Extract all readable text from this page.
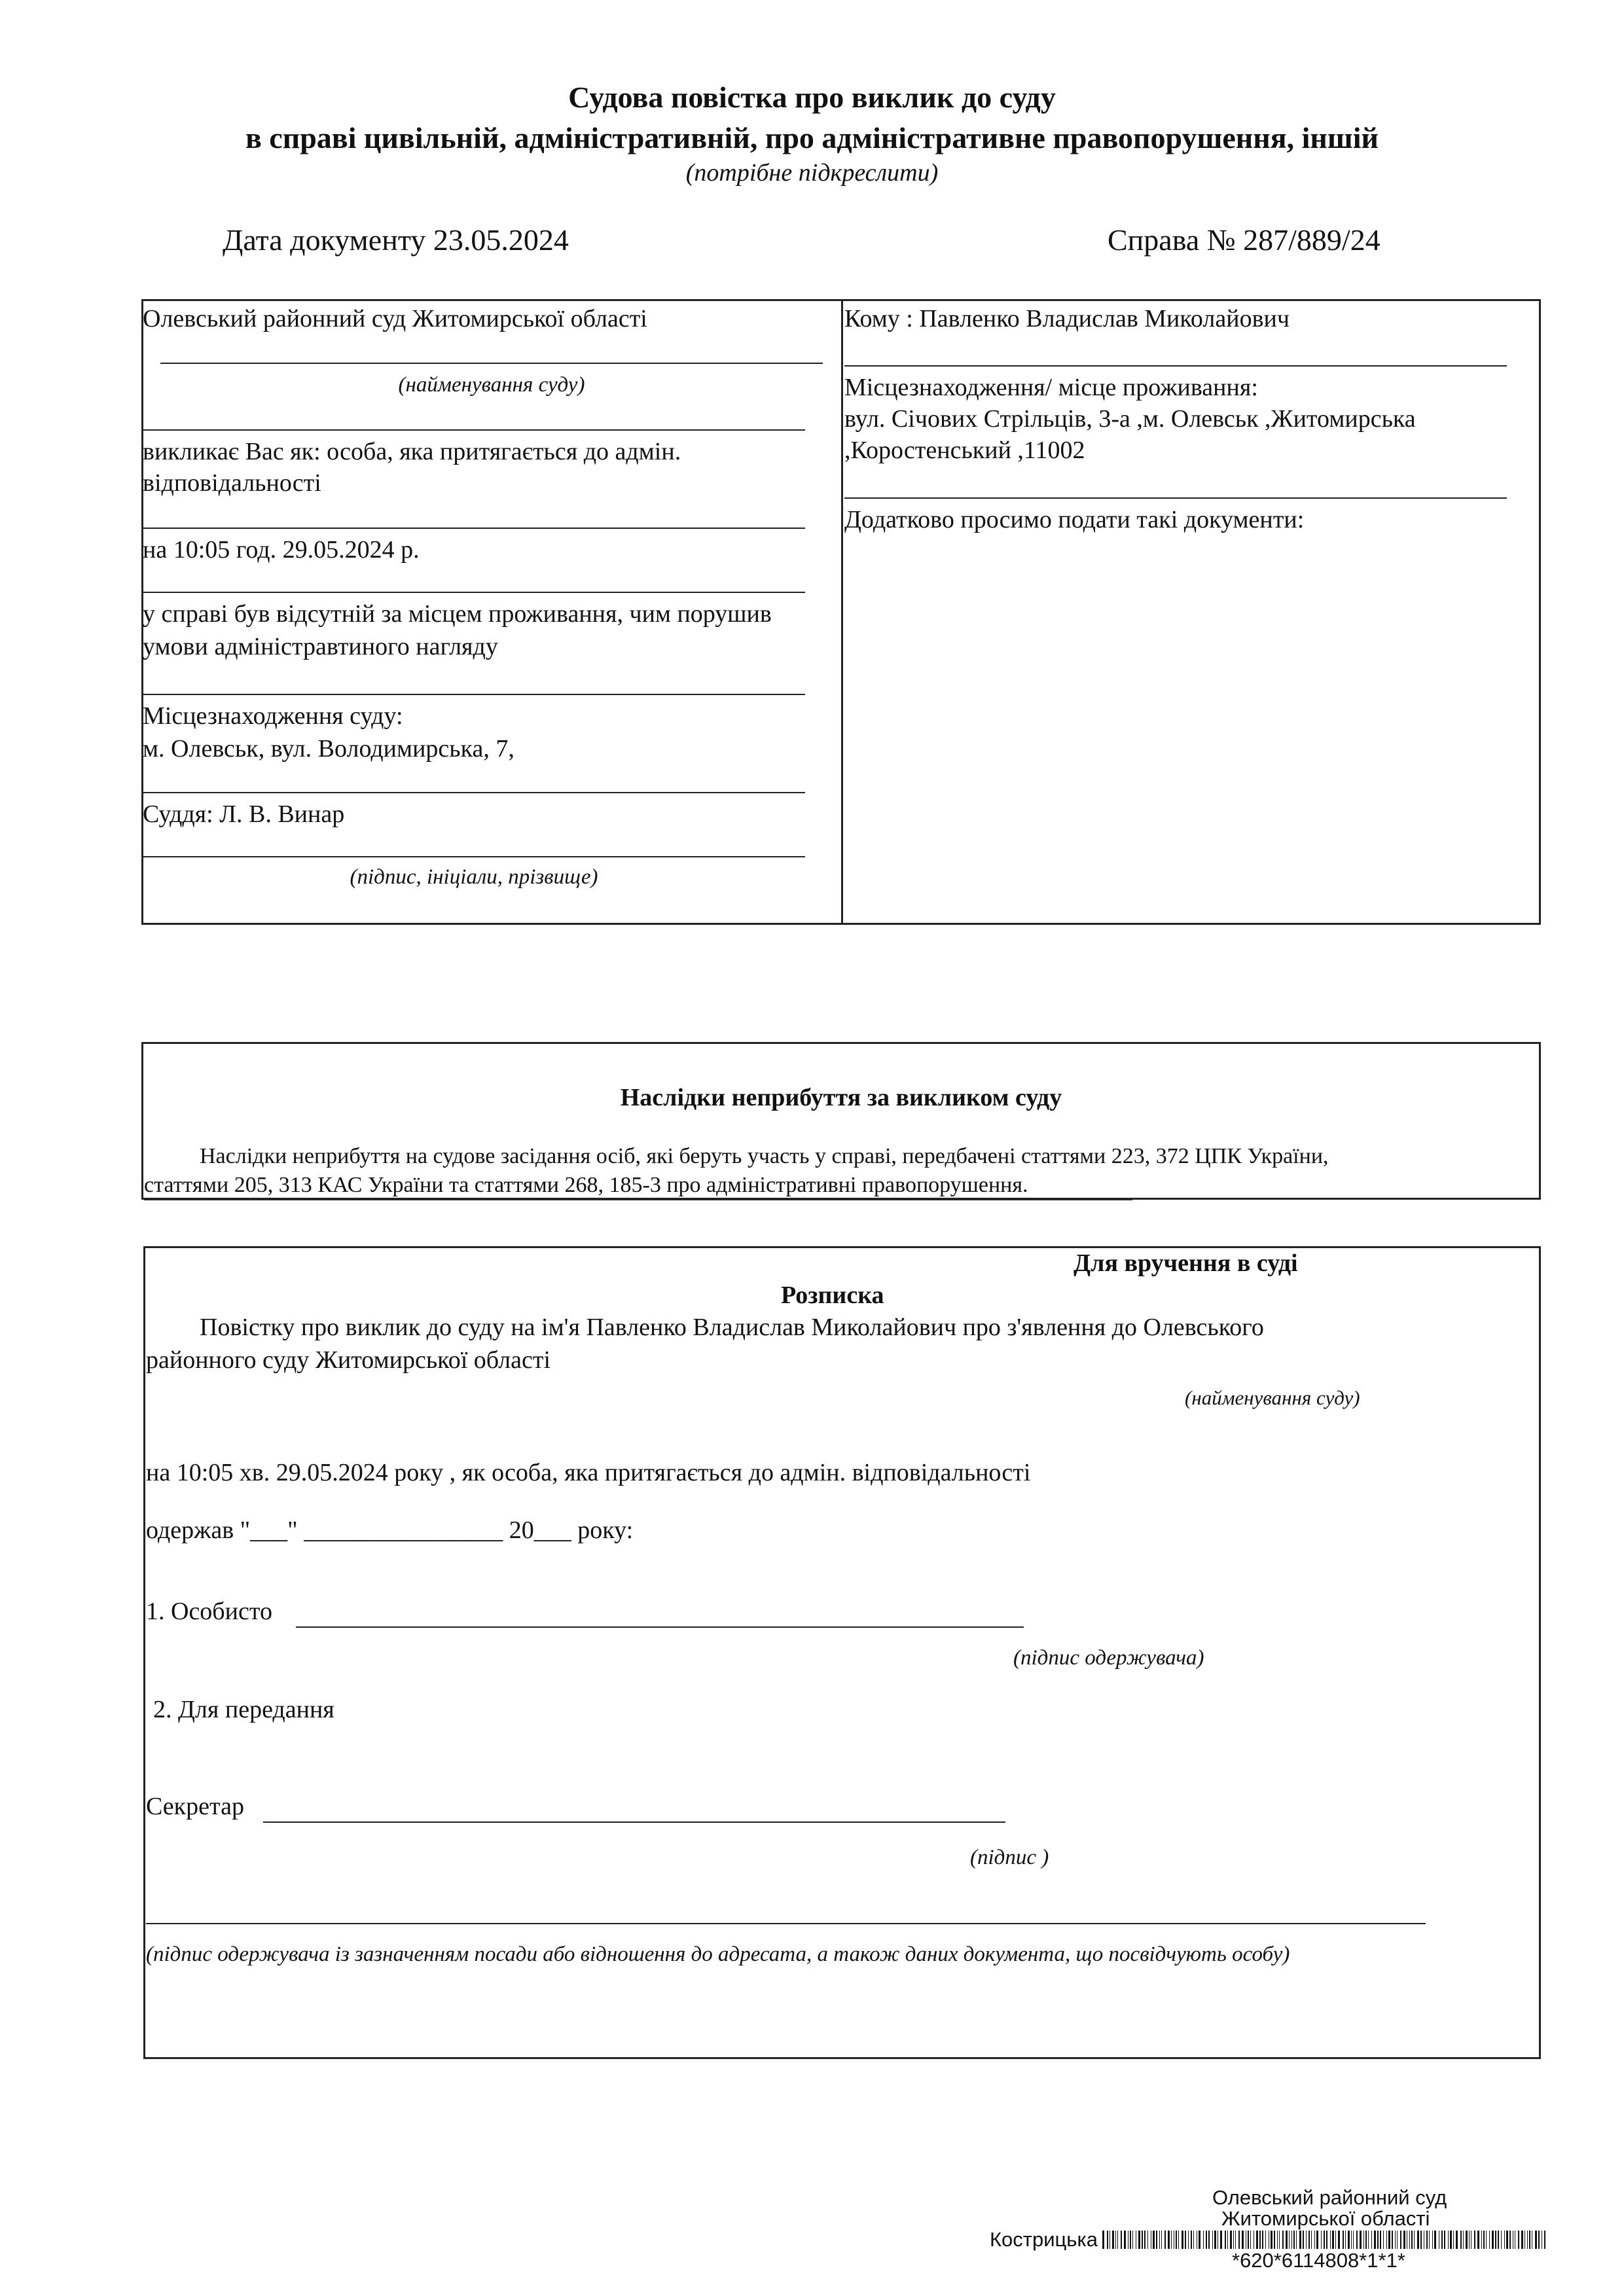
Судова повістка про виклик до суду
в справі цивільній, адміністративній, про адміністративне правопорушення, іншій
(потрібне підкреслити)
Дата документу 23.05.2024	Справа № 287/889/24
Олевський районний суд Житомирської області
(найменування суду)
викликає Вас як: особа, яка притягається до адмін.
відповідальності
на 10:05 год. 29.05.2024 р.
у справі був відсутній за місцем проживання, чим порушив
умови адміністравтиного нагляду
Місцезнаходження суду:
м. Олевськ, вул. Володимирська, 7,
Суддя: Л. В. Винар
(підпис, ініціали, прізвище)
Кому : Павленко Владислав Миколайович
Місцезнаходження/ місце проживання:
вул. Січових Стрільців, 3-а ,м. Олевськ ,Житомирська
,Коростенський ,11002
Додатково просимо подати такі документи:
Наслідки неприбуття за викликом суду
Наслідки неприбуття на судове засідання осіб, які беруть участь у справі, передбачені статтями 223, 372 ЦПК України,
статтями 205, 313 КАС України та статтями 268, 185-3 про адміністративні правопорушення.
Для вручення в суді
Розписка
Повістку про виклик до суду на ім'я Павленко Владислав Миколайович про з'явлення до Олевського
районного суду Житомирської області
(найменування суду)
на 10:05 хв. 29.05.2024 року , як особа, яка притягається до адмін. відповідальності
одержав "___" ________________ 20___ року:
1. Особисто
(підпис одержувача)
2. Для передання
Секретар
(підпис )
(підпис одержувача із зазначенням посади або відношення до адресата, а також даних документа, що посвідчують особу)
Олевський районний суд
Житомирської області
Кострицька
*620*6114808*1*1*
